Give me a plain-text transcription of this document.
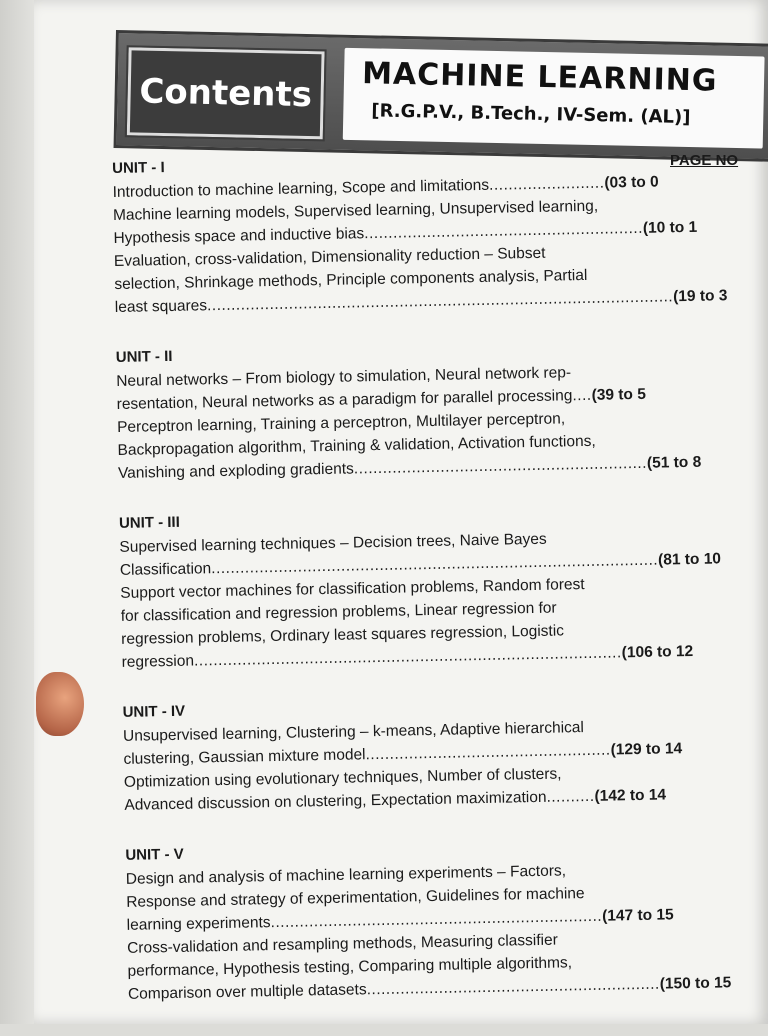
Contents MACHINE LEARNING
[R.G.P.V., B.Tech., IV-Sem. (AL)]
PAGE NO
UNIT - I
Introduction to machine learning, Scope and limitations........................(03 to 0
Machine learning models, Supervised learning, Unsupervised learning,
Hypothesis space and inductive bias..........................................................(10 to 1
Evaluation, cross-validation, Dimensionality reduction – Subset
selection, Shrinkage methods, Principle components analysis, Partial
least squares.................................................................................................(19 to 3
UNIT - II
Neural networks – From biology to simulation, Neural network rep-
resentation, Neural networks as a paradigm for parallel processing....(39 to 5
Perceptron learning, Training a perceptron, Multilayer perceptron,
Backpropagation algorithm, Training & validation, Activation functions,
Vanishing and exploding gradients.............................................................(51 to 8
UNIT - III
Supervised learning techniques – Decision trees, Naive Bayes
Classification.............................................................................................(81 to 10
Support vector machines for classification problems, Random forest
for classification and regression problems, Linear regression for
regression problems, Ordinary least squares regression, Logistic
regression.........................................................................................(106 to 12
UNIT - IV
Unsupervised learning, Clustering – k-means, Adaptive hierarchical
clustering, Gaussian mixture model...................................................(129 to 14
Optimization using evolutionary techniques, Number of clusters,
Advanced discussion on clustering, Expectation maximization..........(142 to 14
UNIT - V
Design and analysis of machine learning experiments – Factors,
Response and strategy of experimentation, Guidelines for machine
learning experiments.....................................................................(147 to 15
Cross-validation and resampling methods, Measuring classifier
performance, Hypothesis testing, Comparing multiple algorithms,
Comparison over multiple datasets.............................................................(150 to 15
